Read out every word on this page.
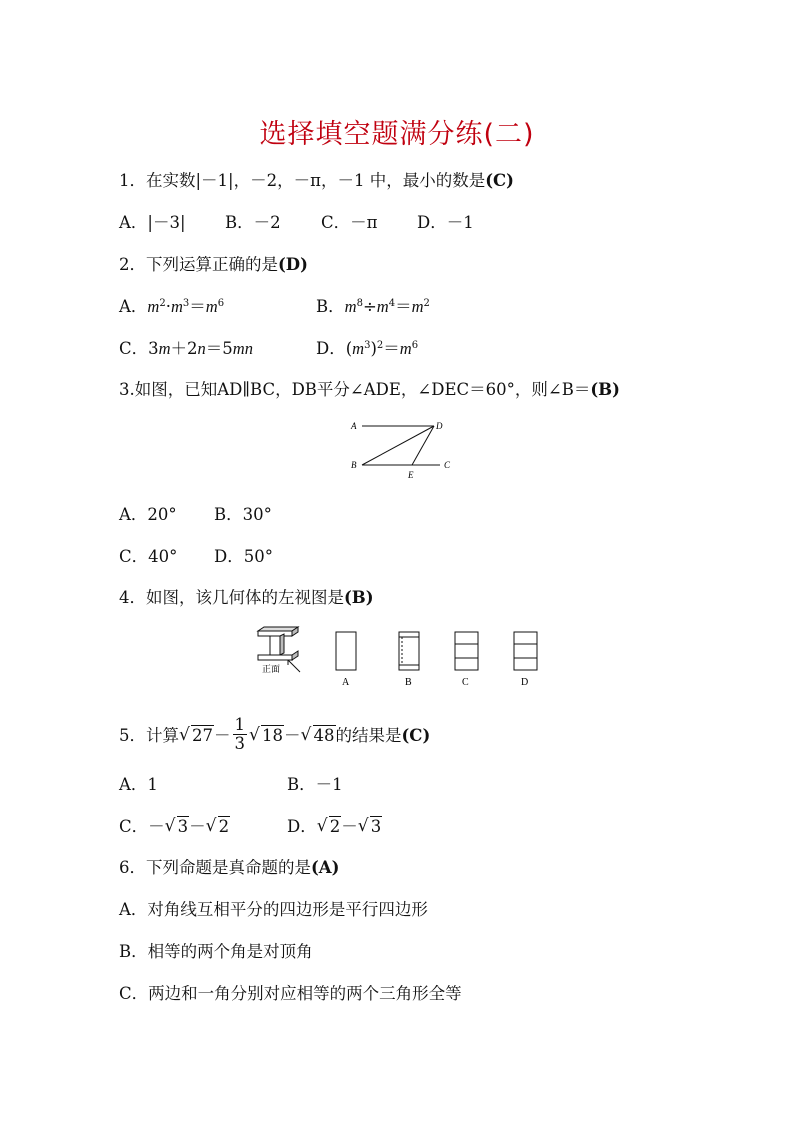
选择填空题满分练(二)
1．在实数|－1|，－2，－π，－1 中，最小的数是(C)
A．|－3| B．－2 C．－π D．－1
2．下列运算正确的是(D)
A．$m^2\cdot m^3=m^6$	B．$m^8\div m^4=m^2$
C．3m＋2n＝5mn	D．$(m^3)^2=m^6$
3.如图，已知AD∥BC，DB平分∠ADE，∠DEC＝60°，则∠B＝(B)
A	D
B
E
C
A．20° B．30°
C．40° D．50°
4．如图，该几何体的左视图是(B)
正面
A	B	C	D
5．计算 √ $27- \frac{1}{3}$ √ 18－ √ 48的结果是(C)
A．1	B．－1
C．－ √ 3－ √ 2	D． √ 2－ √ 3
6．下列命题是真命题的是(A)
A．对角线互相平分的四边形是平行四边形
B．相等的两个角是对顶角
C．两边和一角分别对应相等的两个三角形全等
